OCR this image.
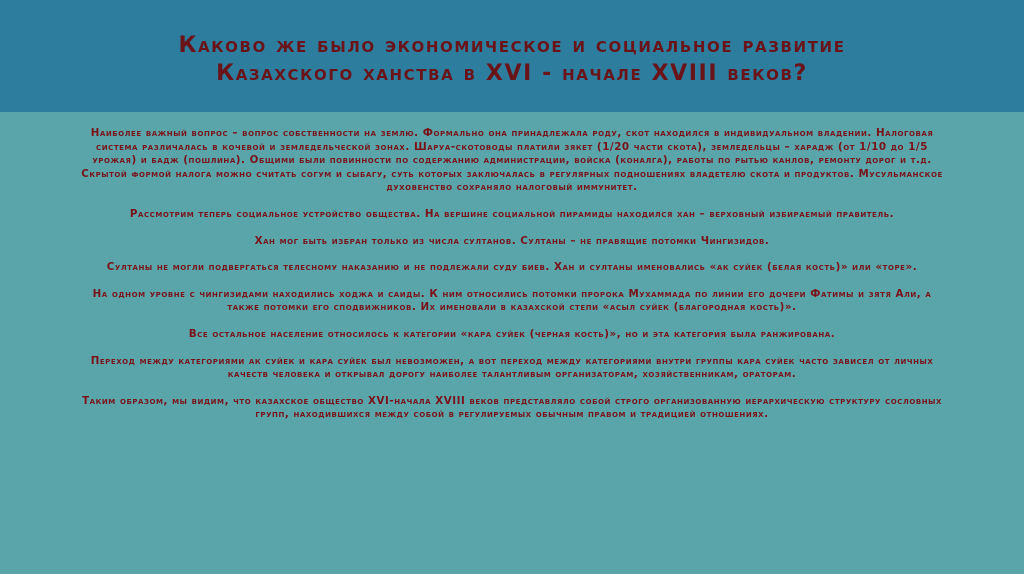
Каково же было экономическое и социальное развитие
Казахского ханства в XVI - начале XVIII веков?

Наиболее важный вопрос – вопрос собственности на землю. Формально она принадлежала роду, скот находился в индивидуальном владении. Налоговая система различалась в кочевой и земледельческой зонах. Шаруа-скотоводы платили зякет (1/20 части скота), земледельцы – харадж (от 1/10 до 1/5 урожая) и бадж (пошлина). Общими были повинности по содержанию администрации, войска (коналга), работы по рытью канлов, ремонту дорог и т.д. Скрытой формой налога можно считать согум и сыбагу, суть которых заключалась в регулярных подношениях владетелю скота и продуктов. Мусульманское духовенство сохраняло налоговый иммунитет.

Рассмотрим теперь социальное устройство общества. На вершине социальной пирамиды находился хан – верховный избираемый правитель.

Хан мог быть избран только из числа султанов. Султаны – не правящие потомки Чингизидов.

Султаны не могли подвергаться телесному наказанию и не подлежали суду биев. Хан и султаны именовались «ак суйек (белая кость)» или «торе».

На одном уровне с чингизидами находились ходжа и саиды. К ним относились потомки пророка Мухаммада по линии его дочери Фатимы и зятя Али, а также потомки его сподвижников. Их именовали в казахской степи «асыл суйек (благородная кость)».

Все остальное население относилось к категории «кара суйек (черная кость)», но и эта категория была ранжирована.

Переход между категориями ак суйек и кара суйек был невозможен, а вот переход между категориями внутри группы кара суйек часто зависел от личных качеств человека и открывал дорогу наиболее талантливым организаторам, хозяйственникам, ораторам.

Таким образом, мы видим, что казахское общество XVI-начала XVIII веков представляло собой строго организованную иерархическую структуру сословных групп, находившихся между собой в регулируемых обычным правом и традицией отношениях.
